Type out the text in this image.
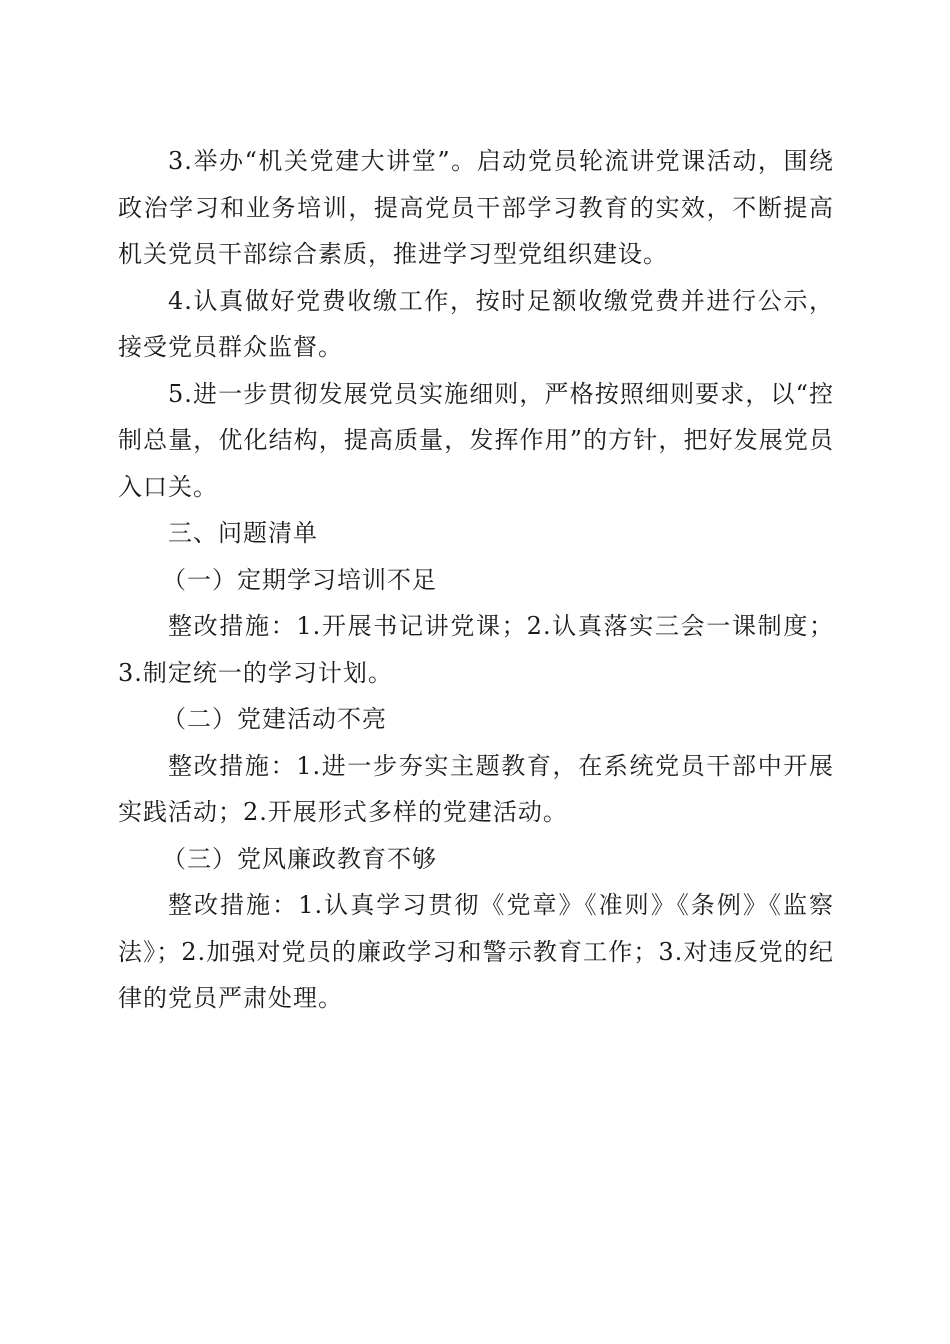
3.举办“机关党建大讲堂”。启动党员轮流讲党课活动，围绕政治学习和业务培训，提高党员干部学习教育的实效，不断提高机关党员干部综合素质，推进学习型党组织建设。

4.认真做好党费收缴工作，按时足额收缴党费并进行公示，接受党员群众监督。

5.进一步贯彻发展党员实施细则，严格按照细则要求，以“控制总量，优化结构，提高质量，发挥作用”的方针，把好发展党员入口关。

三、问题清单
（一）定期学习培训不足

整改措施：1.开展书记讲党课；2.认真落实三会一课制度；3.制定统一的学习计划。

（二）党建活动不亮

整改措施：1.进一步夯实主题教育，在系统党员干部中开展实践活动；2.开展形式多样的党建活动。

（三）党风廉政教育不够

整改措施：1.认真学习贯彻《党章》《准则》《条例》《监察法》；2.加强对党员的廉政学习和警示教育工作；3.对违反党的纪律的党员严肃处理。
